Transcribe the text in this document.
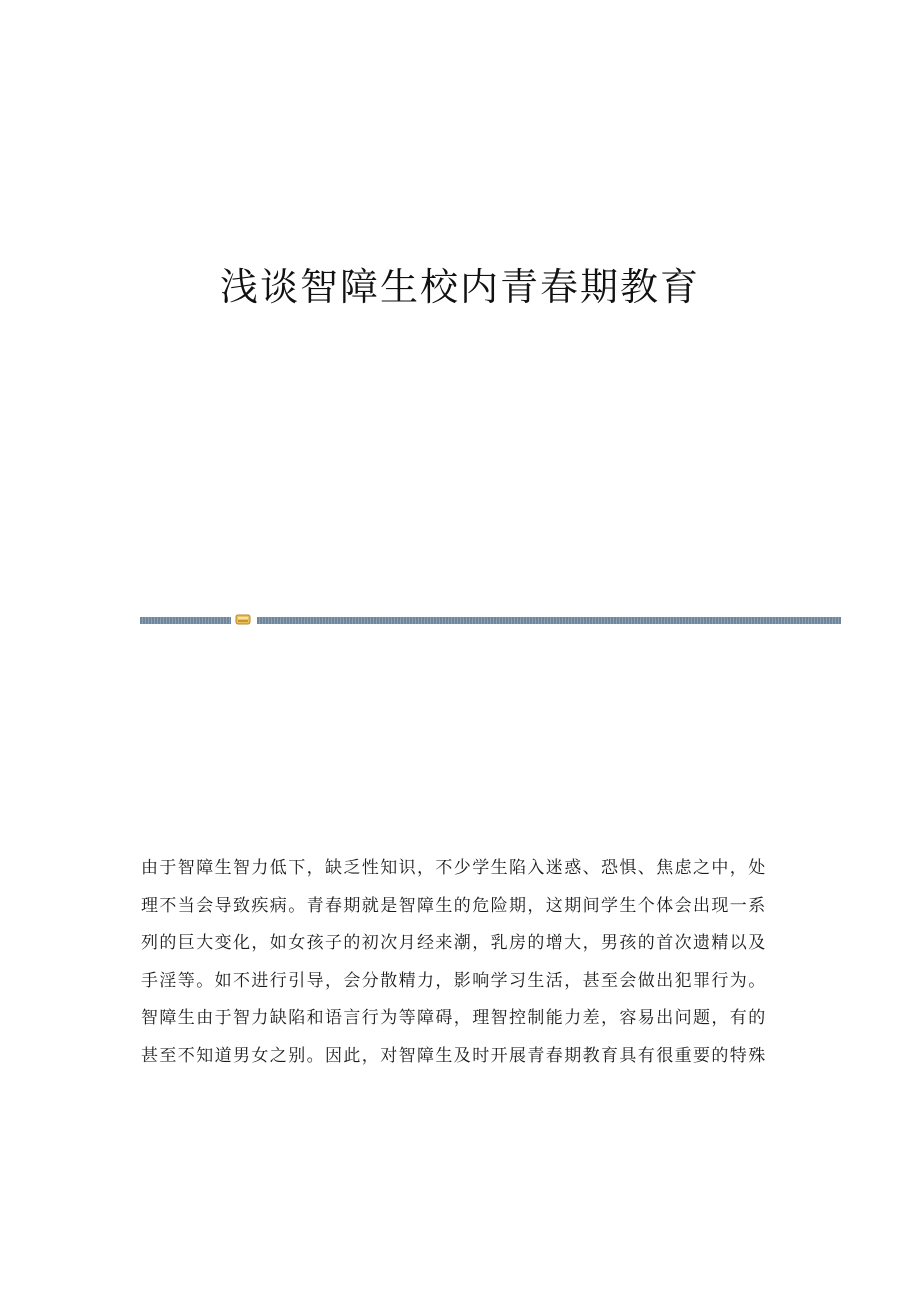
浅谈智障生校内青春期教育
由于智障生智力低下，缺乏性知识，不少学生陷入迷惑、恐惧、焦虑之中，处
理不当会导致疾病。青春期就是智障生的危险期，这期间学生个体会出现一系
列的巨大变化，如女孩子的初次月经来潮，乳房的增大，男孩的首次遗精以及
手淫等。如不进行引导，会分散精力，影响学习生活，甚至会做出犯罪行为。
智障生由于智力缺陷和语言行为等障碍，理智控制能力差，容易出问题，有的
甚至不知道男女之别。因此，对智障生及时开展青春期教育具有很重要的特殊
